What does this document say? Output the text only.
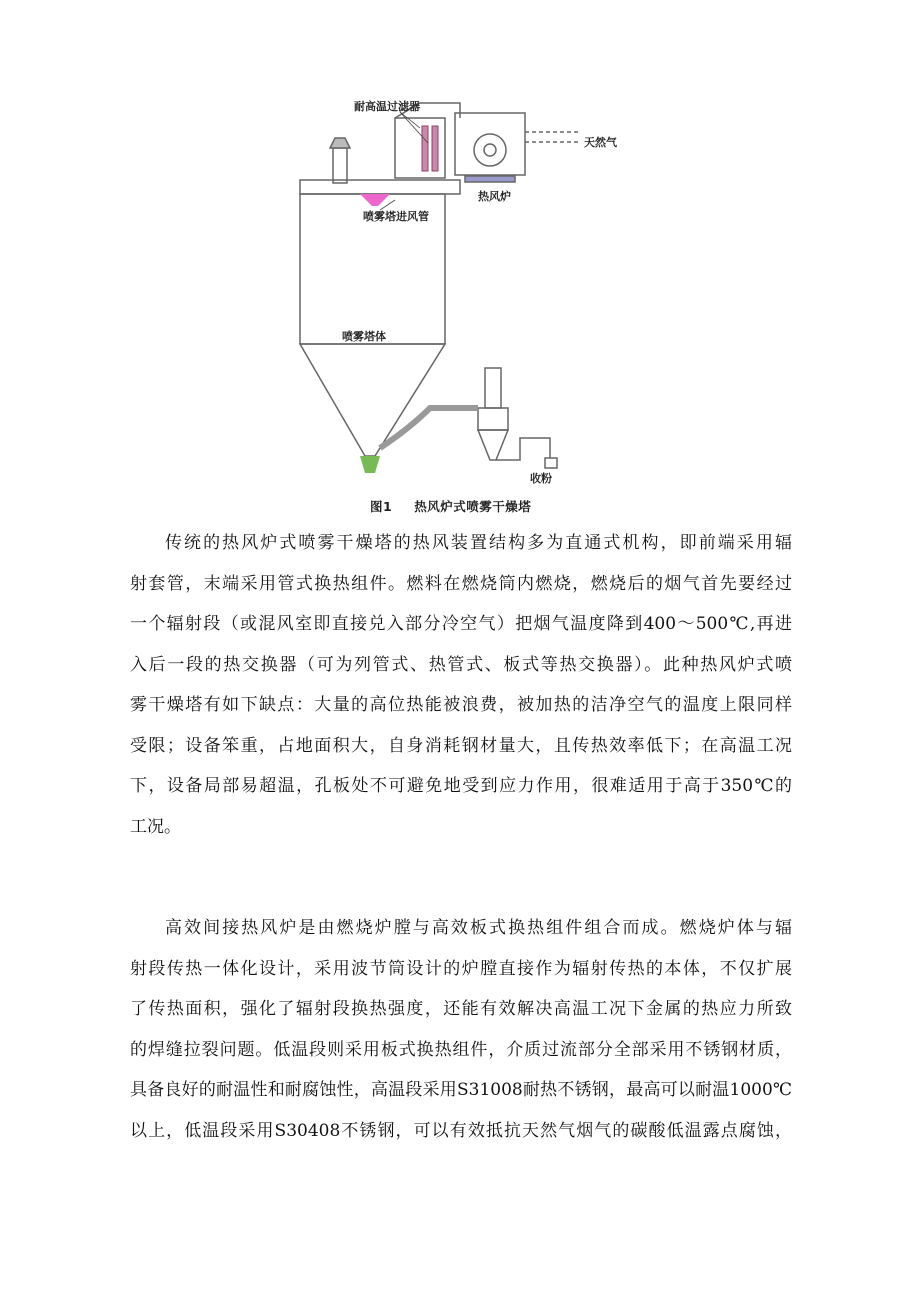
耐高温过滤器
天然气
热风炉
喷雾塔进风管
喷雾塔体
收粉
图1 热风炉式喷雾干燥塔
传统的热风炉式喷雾干燥塔的热风装置结构多为直通式机构，即前端采用辐
射套管，末端采用管式换热组件。燃料在燃烧筒内燃烧，燃烧后的烟气首先要经过
一个辐射段（或混风室即直接兑入部分冷空气）把烟气温度降到400～500℃,再进
入后一段的热交换器（可为列管式、热管式、板式等热交换器）。此种热风炉式喷
雾干燥塔有如下缺点：大量的高位热能被浪费，被加热的洁净空气的温度上限同样
受限；设备笨重，占地面积大，自身消耗钢材量大，且传热效率低下；在高温工况
下，设备局部易超温，孔板处不可避免地受到应力作用，很难适用于高于350℃的
工况。
高效间接热风炉是由燃烧炉膛与高效板式换热组件组合而成。燃烧炉体与辐
射段传热一体化设计，采用波节筒设计的炉膛直接作为辐射传热的本体，不仅扩展
了传热面积，强化了辐射段换热强度，还能有效解决高温工况下金属的热应力所致
的焊缝拉裂问题。低温段则采用板式换热组件，介质过流部分全部采用不锈钢材质，
具备良好的耐温性和耐腐蚀性，高温段采用S31008耐热不锈钢，最高可以耐温1000℃
以上，低温段采用S30408不锈钢，可以有效抵抗天然气烟气的碳酸低温露点腐蚀，
